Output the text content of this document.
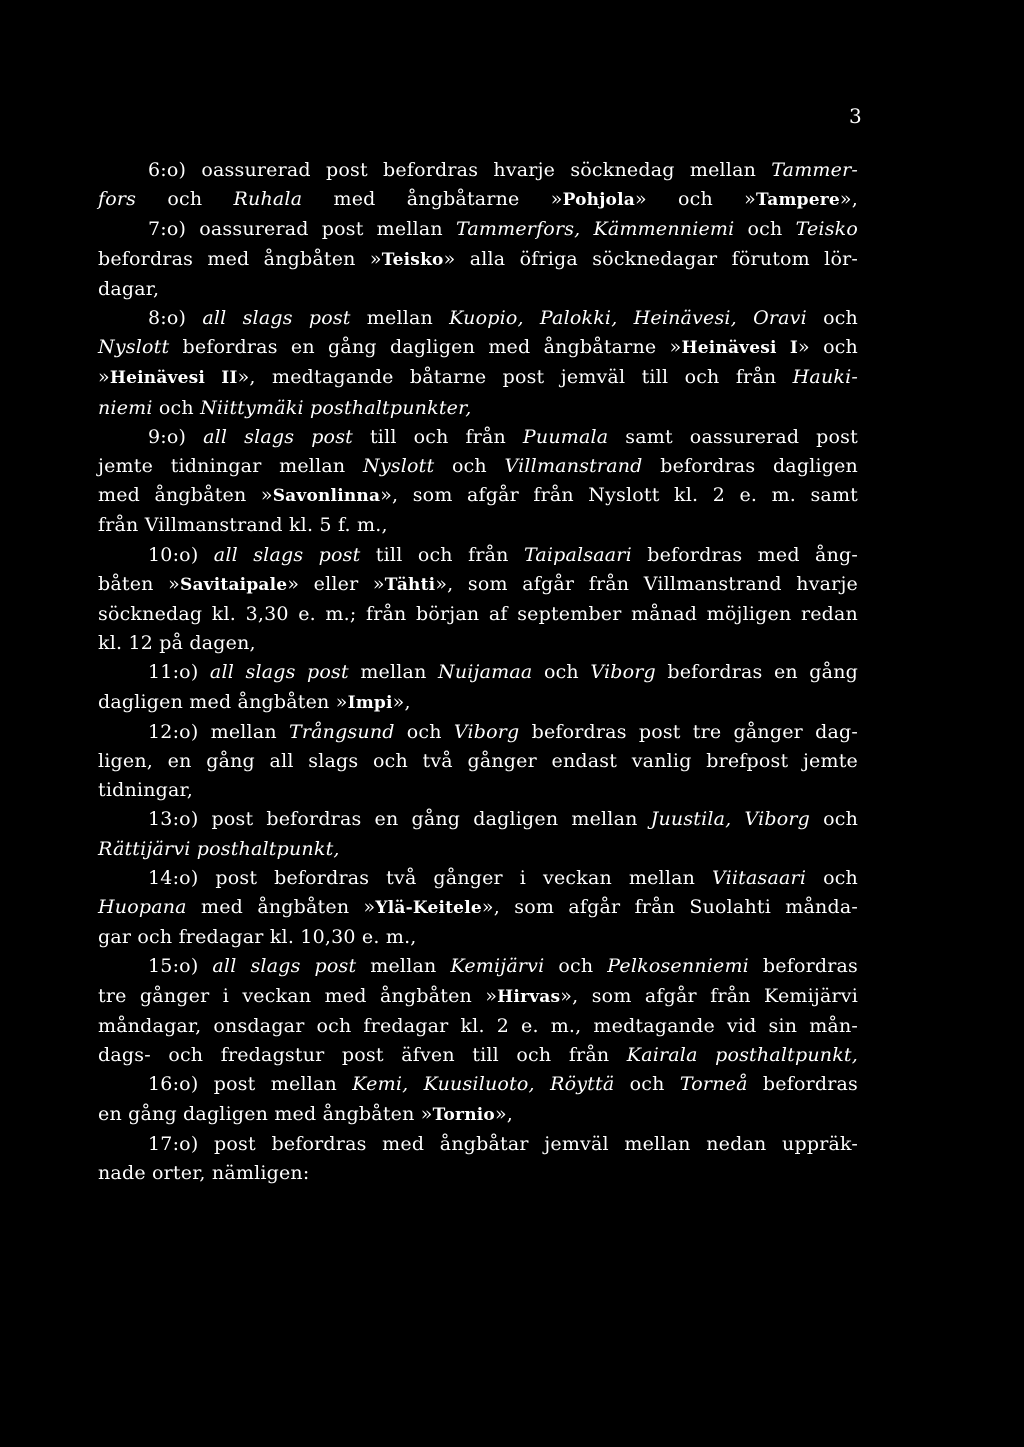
3
6:o) oassurerad post befordras hvarje söcknedag mellan Tammer-
fors och Ruhala med ångbåtarne »Pohjola» och »Tampere»,
7:o) oassurerad post mellan Tammerfors, Kämmenniemi och Teisko
befordras med ångbåten »Teisko» alla öfriga söcknedagar förutom lör-
dagar,
8:o) all slags post mellan Kuopio, Palokki, Heinävesi, Oravi och
Nyslott befordras en gång dagligen med ångbåtarne »Heinävesi I» och
»Heinävesi II», medtagande båtarne post jemväl till och från Hauki-
niemi och Niittymäki posthaltpunkter,
9:o) all slags post till och från Puumala samt oassurerad post
jemte tidningar mellan Nyslott och Villmanstrand befordras dagligen
med ångbåten »Savonlinna», som afgår från Nyslott kl. 2 e. m. samt
från Villmanstrand kl. 5 f. m.,
10:o) all slags post till och från Taipalsaari befordras med ång-
båten »Savitaipale» eller »Tähti», som afgår från Villmanstrand hvarje
söcknedag kl. 3,30 e. m.; från början af september månad möjligen redan
kl. 12 på dagen,
11:o) all slags post mellan Nuijamaa och Viborg befordras en gång
dagligen med ångbåten »Impi»,
12:o) mellan Trångsund och Viborg befordras post tre gånger dag-
ligen, en gång all slags och två gånger endast vanlig brefpost jemte
tidningar,
13:o) post befordras en gång dagligen mellan Juustila, Viborg och
Rättijärvi posthaltpunkt,
14:o) post befordras två gånger i veckan mellan Viitasaari och
Huopana med ångbåten »Ylä-Keitele», som afgår från Suolahti månda-
gar och fredagar kl. 10,30 e. m.,
15:o) all slags post mellan Kemijärvi och Pelkosenniemi befordras
tre gånger i veckan med ångbåten »Hirvas», som afgår från Kemijärvi
måndagar, onsdagar och fredagar kl. 2 e. m., medtagande vid sin mån-
dags- och fredagstur post äfven till och från Kairala posthaltpunkt,
16:o) post mellan Kemi, Kuusiluoto, Röyttä och Torneå befordras
en gång dagligen med ångbåten »Tornio»,
17:o) post befordras med ångbåtar jemväl mellan nedan uppräk-
nade orter, nämligen:
